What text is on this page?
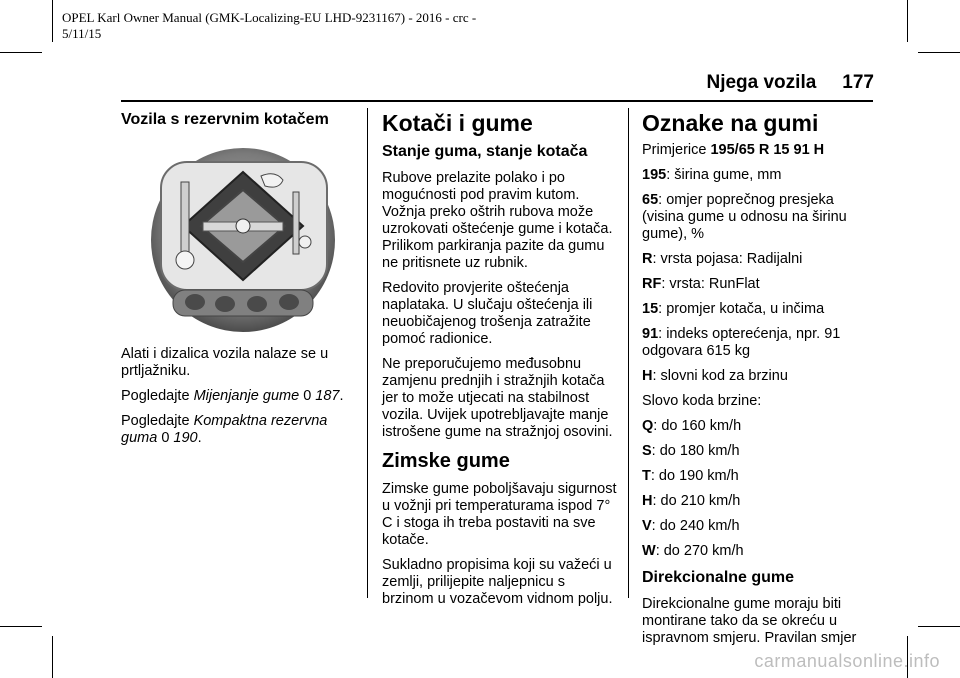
OPEL Karl Owner Manual (GMK-Localizing-EU LHD-9231167) - 2016 - crc - 5/11/15
Njega vozila 177
Vozila s rezervnim kotačem

Alati i dizalica vozila nalaze se u prtljažniku.

Pogledajte Mijenjanje gume 0 187.

Pogledajte Kompaktna rezervna guma 0 190.

Kotači i gume
Stanje guma, stanje kotača

Rubove prelazite polako i po mogućnosti pod pravim kutom. Vožnja preko oštrih rubova može uzrokovati oštećenje gume i kotača. Prilikom parkiranja pazite da gumu ne pritisnete uz rubnik.

Redovito provjerite oštećenja naplataka. U slučaju oštećenja ili neuobičajenog trošenja zatražite pomoć radionice.

Ne preporučujemo međusobnu zamjenu prednjih i stražnjih kotača jer to može utjecati na stabilnost vozila. Uvijek upotrebljavajte manje istrošene gume na stražnjoj osovini.

Zimske gume

Zimske gume poboljšavaju sigurnost u vožnji pri temperaturama ispod 7° C i stoga ih treba postaviti na sve kotače.

Sukladno propisima koji su važeći u zemlji, prilijepite naljepnicu s brzinom u vozačevom vidnom polju.

Oznake na gumi

Primjerice 195/65 R 15 91 H

195: širina gume, mm

65: omjer poprečnog presjeka (visina gume u odnosu na širinu gume), %

R: vrsta pojasa: Radijalni

RF: vrsta: RunFlat

15: promjer kotača, u inčima

91: indeks opterećenja, npr. 91 odgovara 615 kg

H: slovni kod za brzinu

Slovo koda brzine:

Q: do 160 km/h

S: do 180 km/h

T: do 190 km/h

H: do 210 km/h

V: do 240 km/h

W: do 270 km/h

Direkcionalne gume

Direkcionalne gume moraju biti montirane tako da se okreću u ispravnom smjeru. Pravilan smjer

carmanualsonline.info
